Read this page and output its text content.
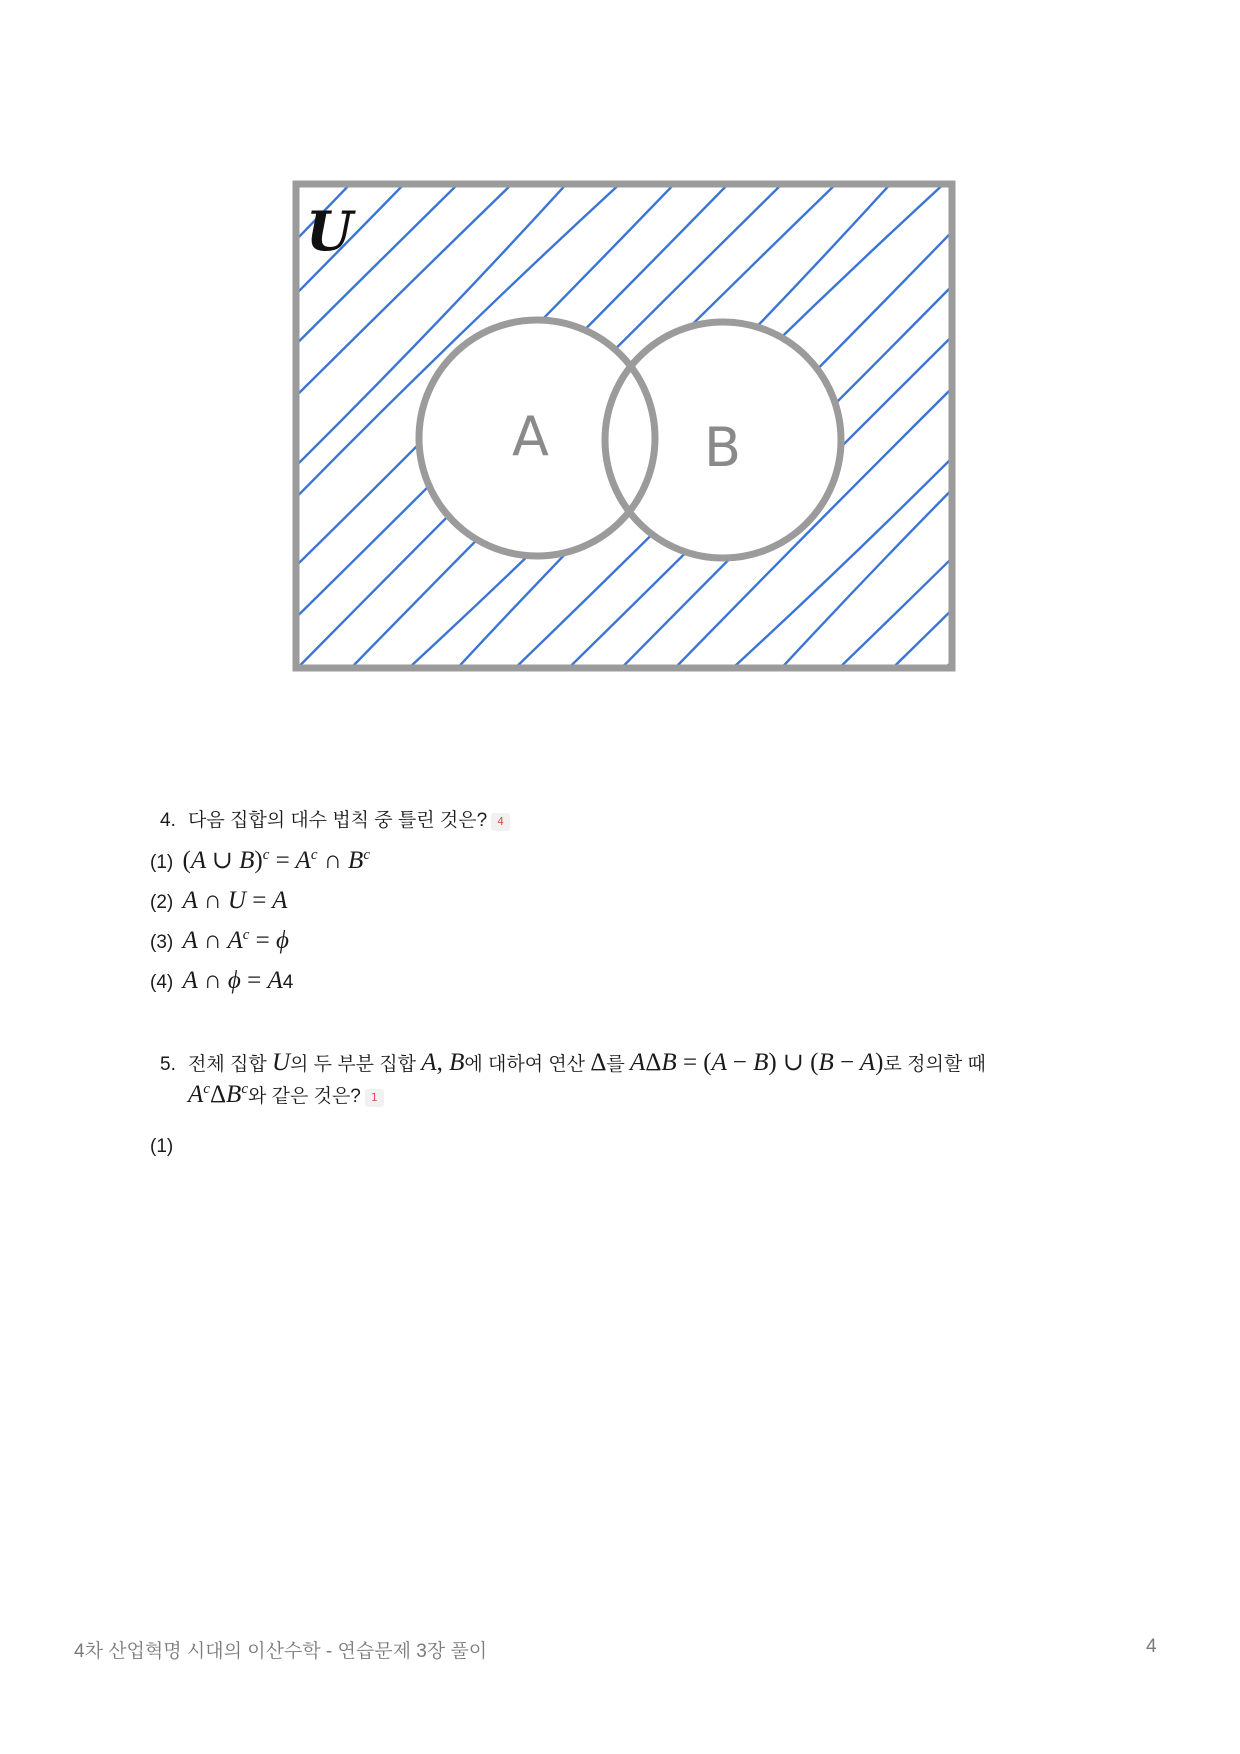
U
A	B
4. 다음 집합의 대수 법칙 중 틀린 것은? 4
(1) (A ∪ $B)^c = A^c$ ∩ $B^c$
(2) A ∩ U = A
(3) A ∩ $A^c = \phi$
(4) A ∩ ϕ = A4
5. 전체 집합 U의 두 부분 집합 A, B에 대하여 연산 Δ를 AΔB = (A − B) ∪ (B − A)로 정의할 때
$A^c\Delta B^c$와 같은 것은? 1
(1)
4차 산업혁명 시대의 이산수학 - 연습문제 3장 풀이	4
